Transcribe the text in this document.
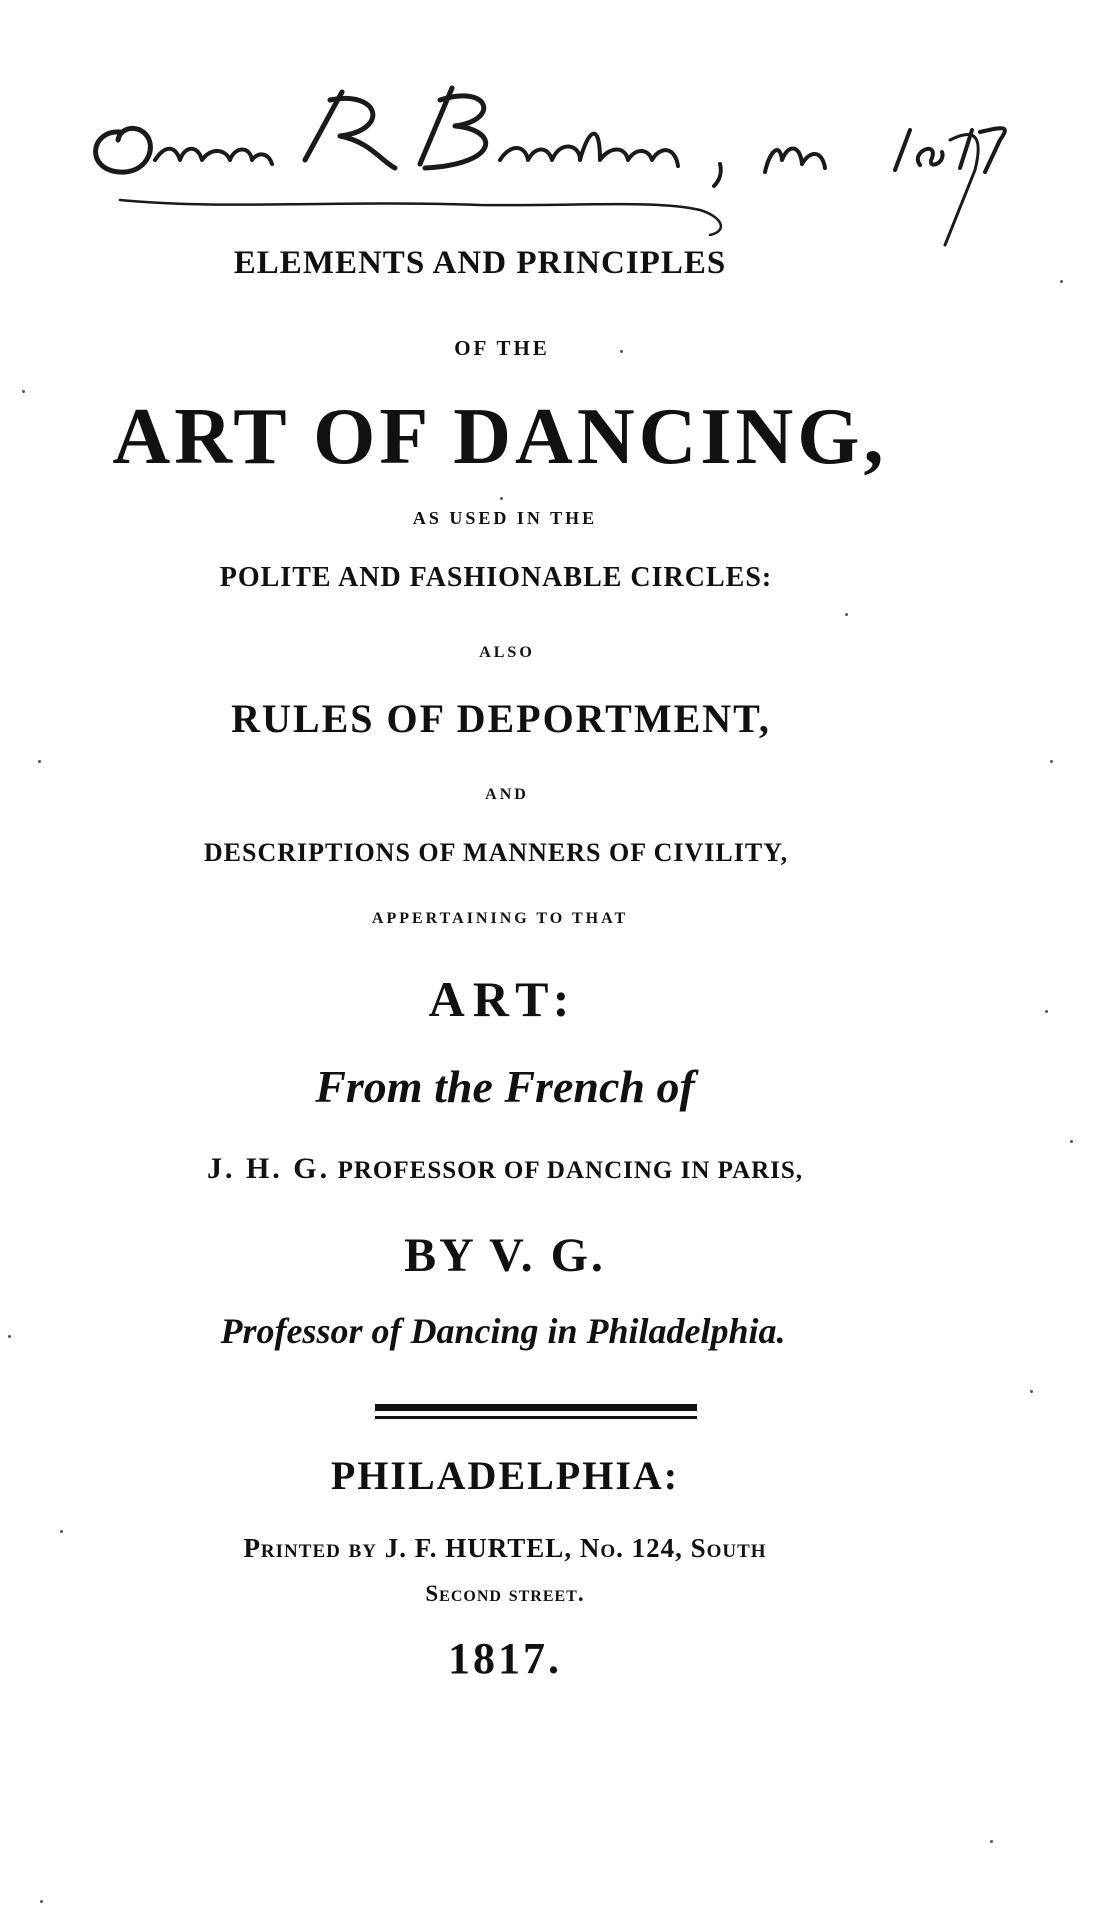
ELEMENTS AND PRINCIPLES
OF THE
ART OF DANCING,
AS USED IN THE
POLITE AND FASHIONABLE CIRCLES:
ALSO
RULES OF DEPORTMENT,
AND
DESCRIPTIONS OF MANNERS OF CIVILITY,
APPERTAINING TO THAT
ART:
From the French of
J. H. G. PROFESSOR OF DANCING IN PARIS,
BY V. G.
Professor of Dancing in Philadelphia.
PHILADELPHIA:
Printed by J. F. HURTEL, No. 124, South
Second street.
1817.
